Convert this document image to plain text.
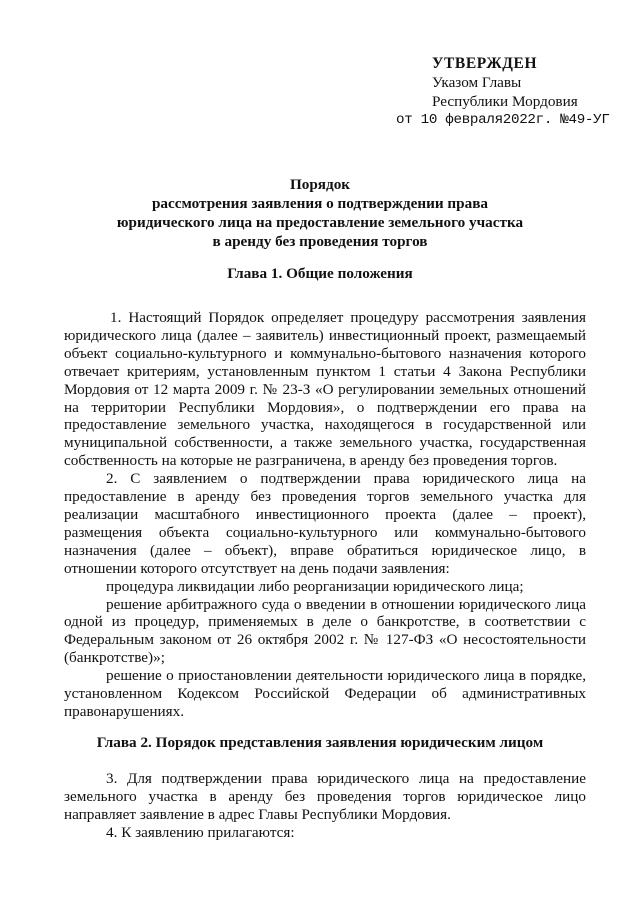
УТВЕРЖДЕН
Указом Главы
Республики Мордовия
от 10 февраля2022г. №49-УГ
Порядок
рассмотрения заявления о подтверждении права
юридического лица на предоставление земельного участка
в аренду без проведения торгов
Глава 1. Общие положения

1. Настоящий Порядок определяет процедуру рассмотрения заявления юридического лица (далее – заявитель) инвестиционный проект, размещаемый объект социально-культурного и коммунально-бытового назначения которого отвечает критериям, установленным пунктом 1 статьи 4 Закона Республики Мордовия от 12 марта 2009 г. № 23-З «О регулировании земельных отношений на территории Республики Мордовия», о подтверждении его права на предоставление земельного участка, находящегося в государственной или муниципальной собственности, а также земельного участка, государственная собственность на которые не разграничена, в аренду без проведения торгов.

2. С заявлением о подтверждении права юридического лица на предоставление в аренду без проведения торгов земельного участка для реализации масштабного инвестиционного проекта (далее – проект), размещения объекта социально-культурного или коммунально-бытового назначения (далее – объект), вправе обратиться юридическое лицо, в отношении которого отсутствует на день подачи заявления:

процедура ликвидации либо реорганизации юридического лица;

решение арбитражного суда о введении в отношении юридического лица одной из процедур, применяемых в деле о банкротстве, в соответствии с Федеральным законом от 26 октября 2002 г. № 127-ФЗ «О несостоятельности (банкротстве)»;

решение о приостановлении деятельности юридического лица в порядке, установленном Кодексом Российской Федерации об административных правонарушениях.

Глава 2. Порядок представления заявления юридическим лицом

3. Для подтверждении права юридического лица на предоставление земельного участка в аренду без проведения торгов юридическое лицо направляет заявление в адрес Главы Республики Мордовия.

4. К заявлению прилагаются:
